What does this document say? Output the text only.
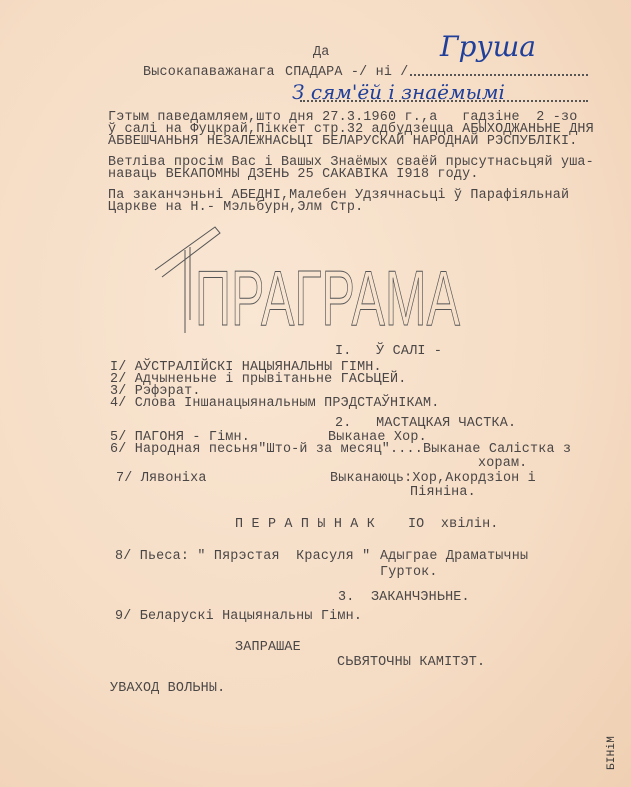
Да
Высокапаважанага СПАДАРА -/ ні /
Груша
З сям'ёй і знаёмымі
Гэтым паведамляем,што дня 27.3.1960 г.,а   гадзіне  2 -зо
ў салі на Фуцкрай,Піккет стр.32 адбудзецца АБЫХОДЖАНЬНЕ ДНЯ
АБВЕШЧАНЬНЯ НЕЗАЛЕЖНАСЬЦІ БЕЛАРУСКАЙ НАРОДНАЙ РЭСПУБЛІКІ.
Ветліва просім Вас і Вашых Знаёмых сваёй прысутнасьцяй уша-
наваць ВЕКАПОМНЫ ДЗЕНЬ 25 САКАВІКА I918 году.
Па заканчэньні АБЕДНІ,Малебен Удзячнасьці ў Парафіяльнай
Царкве на Н.- Мэльбурн,Элм Стр.
ПРАГРАМА
I.   Ў САЛІ -
I/ АЎСТРАЛІЙСКІ НАЦЫЯНАЛЬНЫ ГІМН.
2/ Адчыненьне і прывітаньне ГАСЬЦЕЙ.
3/ Рэфэрат.
4/ Слова Іншанацыянальным ПРЭДСТАЎНІКАМ.
2.   МАСТАЦКАЯ ЧАСТКА.
5/ ПАГОНЯ - Гімн.	Выканае Хор.
6/ Народная песьня"Што-й за месяц"....Выканае Салістка з
хорам.
7/ Лявоніха	Выканаюць:Хор,Акордзіон і
Піяніна.
П Е Р А П Ы Н А К    IO  хвілін.
8/ Пьеса: " Пярэстая  Красуля " Адыграе Драматычны
Гурток.
3.  ЗАКАНЧЭНЬНЕ.
9/ Беларускі Нацыянальны Гімн.
ЗАПРАШАЕ
СЬВЯТОЧНЫ КАМІТЭТ.
УВАХОД ВОЛЬНЫ.
БІНіМ
